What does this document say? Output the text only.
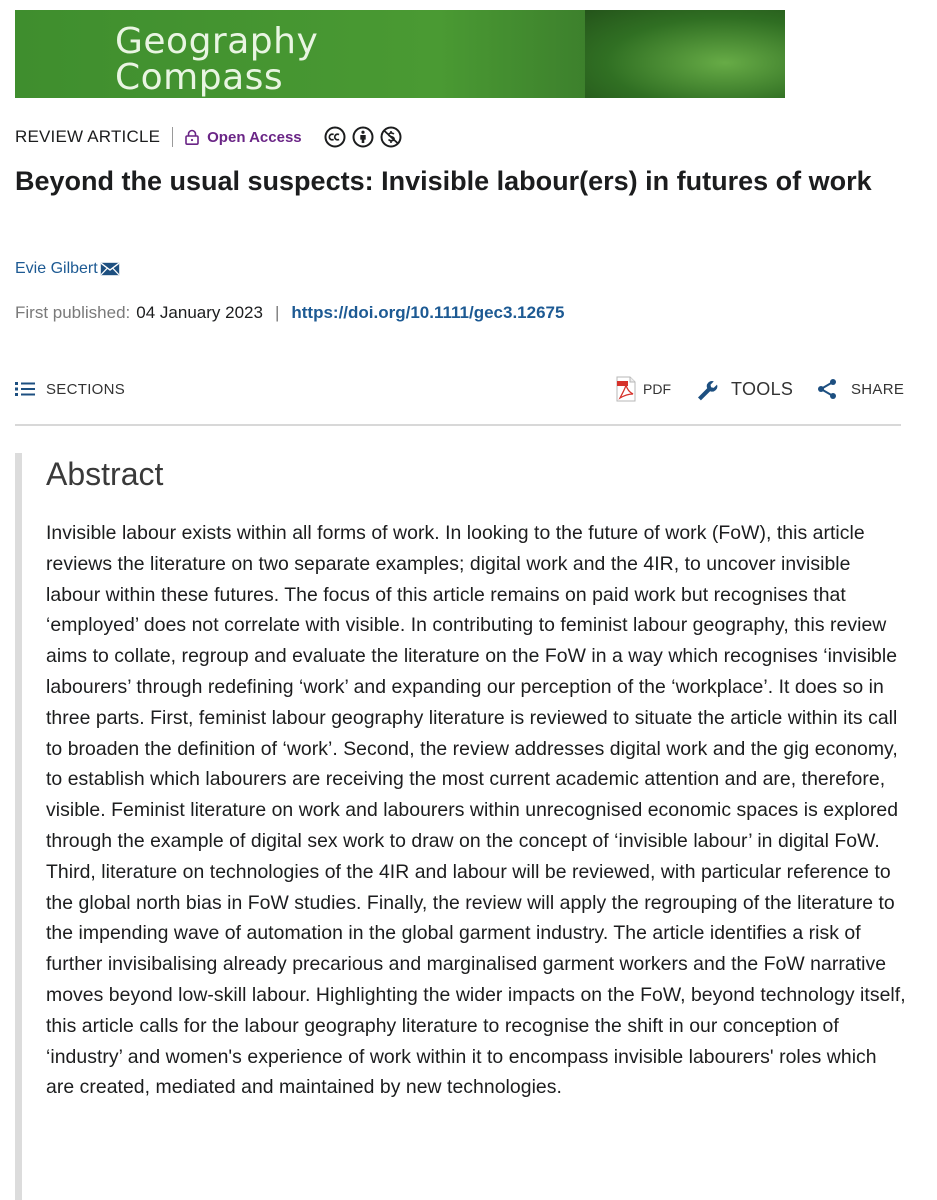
Geography
Compass
REVIEW ARTICLE	Open Access
Beyond the usual suspects: Invisible labour(ers) in futures of work
Evie Gilbert
First published: 04 January 2023 | https://doi.org/10.1111/gec3.12675
SECTIONS	PDF	TOOLS	SHARE
Abstract

Invisible labour exists within all forms of work. In looking to the future of work (FoW), this article reviews the literature on two separate examples; digital work and the 4IR, to uncover invisible labour within these futures. The focus of this article remains on paid work but recognises that ‘employed’ does not correlate with visible. In contributing to feminist labour geography, this review aims to collate, regroup and evaluate the literature on the FoW in a way which recognises ‘invisible labourers’ through redefining ‘work’ and expanding our perception of the ‘workplace’. It does so in three parts. First, feminist labour geography literature is reviewed to situate the article within its call to broaden the definition of ‘work’. Second, the review addresses digital work and the gig economy, to establish which labourers are receiving the most current academic attention and are, therefore, visible. Feminist literature on work and labourers within unrecognised economic spaces is explored through the example of digital sex work to draw on the concept of ‘invisible labour’ in digital FoW. Third, literature on technologies of the 4IR and labour will be reviewed, with particular reference to the global north bias in FoW studies. Finally, the review will apply the regrouping of the literature to the impending wave of automation in the global garment industry. The article identifies a risk of further invisibalising already precarious and marginalised garment workers and the FoW narrative moves beyond low-skill labour. Highlighting the wider impacts on the FoW, beyond technology itself, this article calls for the labour geography literature to recognise the shift in our conception of ‘industry’ and women's experience of work within it to encompass invisible labourers' roles which are created, mediated and maintained by new technologies.
